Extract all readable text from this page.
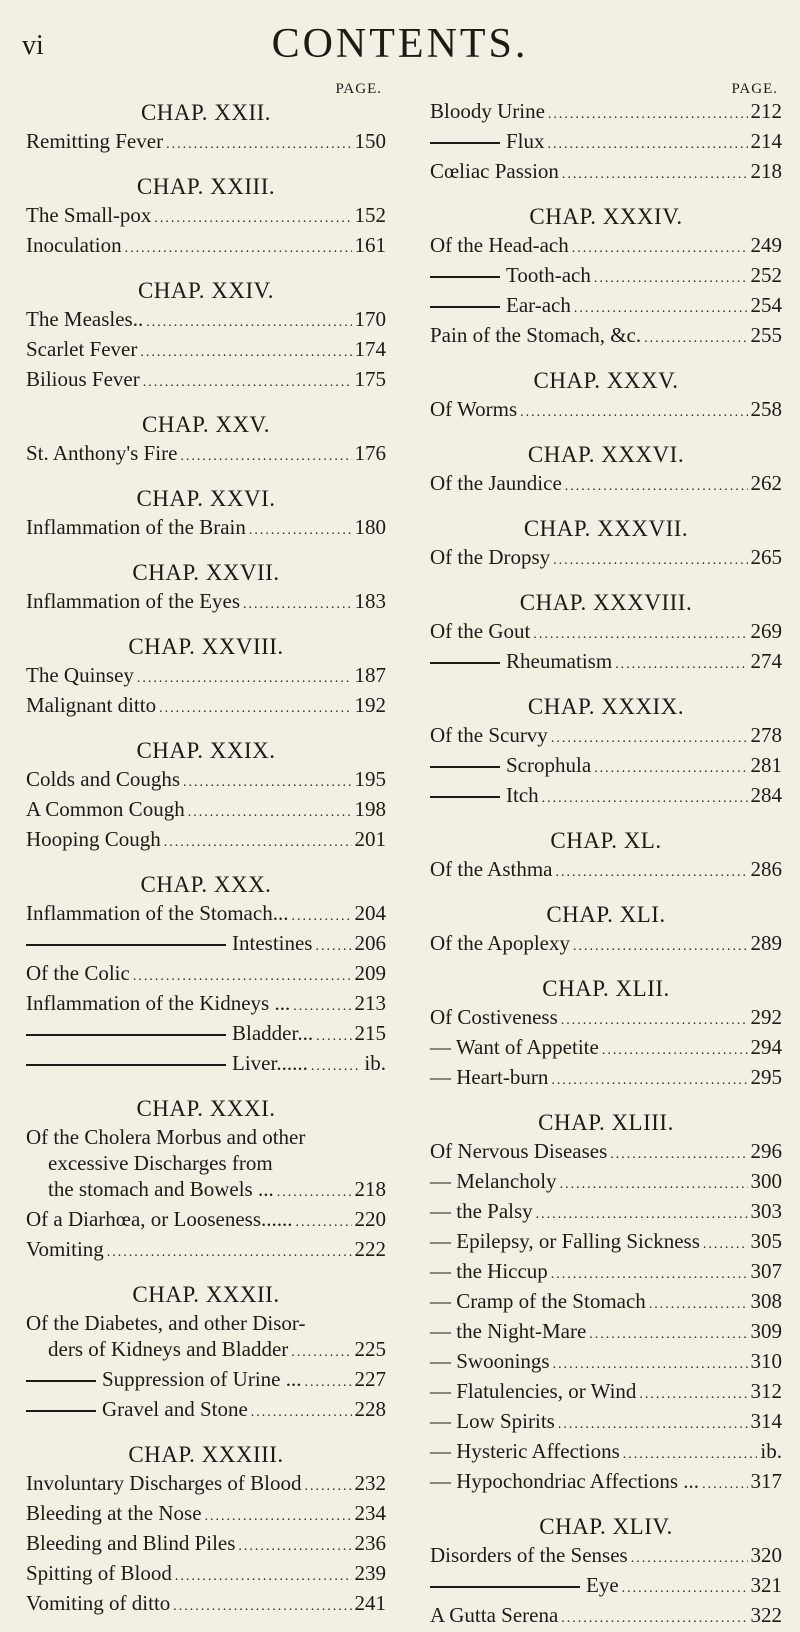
vi	CONTENTS.
PAGE.
CHAP. XXII.
Remitting Fever .....	150
CHAP. XXIII.
The Small-pox .....	152
Inoculation .....	161
CHAP. XXIV.
The Measles.. .....	170
Scarlet Fever .....	174
Bilious Fever .....	175
CHAP. XXV.
St. Anthony's Fire .....	176
CHAP. XXVI.
Inflammation of the Brain .....	180
CHAP. XXVII.
Inflammation of the Eyes .....	183
CHAP. XXVIII.
The Quinsey .....	187
Malignant ditto .....	192
CHAP. XXIX.
Colds and Coughs .....	195
A Common Cough .....	198
Hooping Cough .....	201
CHAP. XXX.
Inflammation of the Stomach... .....	204
Intestines ..... 206
Of the Colic .....	209
Inflammation of the Kidneys ... .....	213
Bladder... ..... 215
Liver...... .....	ib.
CHAP. XXXI.
Of the Cholera Morbus and other
excessive Discharges from
the stomach and Bowels ... .....	218
Of a Diarhœa, or Looseness...... .....	220
Vomiting .....	222
CHAP. XXXII.
Of the Diabetes, and other Disor-
ders of Kidneys and Bladder .....	225
Suppression of Urine ... .....	227
Gravel and Stone .....	228
CHAP. XXXIII.
Involuntary Discharges of Blood .....	232
Bleeding at the Nose .....	234
Bleeding and Blind Piles .....	236
Spitting of Blood .....	239
Vomiting of ditto .....	241
PAGE.
Bloody Urine .....	212
Flux .....	214
Cœliac Passion .....	218
CHAP. XXXIV.
Of the Head-ach .....	249
Tooth-ach .....	252
Ear-ach .....	254
Pain of the Stomach, &c. .....	255
CHAP. XXXV.
Of Worms .....	258
CHAP. XXXVI.
Of the Jaundice .....	262
CHAP. XXXVII.
Of the Dropsy .....	265
CHAP. XXXVIII.
Of the Gout .....	269
Rheumatism .....	274
CHAP. XXXIX.
Of the Scurvy .....	278
Scrophula .....	281
Itch .....	284
CHAP. XL.
Of the Asthma .....	286
CHAP. XLI.
Of the Apoplexy .....	289
CHAP. XLII.
Of Costiveness .....	292
— Want of Appetite .....	294
— Heart-burn .....	295
CHAP. XLIII.
Of Nervous Diseases .....	296
— Melancholy .....	300
— the Palsy .....	303
— Epilepsy, or Falling Sickness ..... 305
— the Hiccup .....	307
— Cramp of the Stomach .....	308
— the Night-Mare .....	309
— Swoonings .....	310
— Flatulencies, or Wind .....	312
— Low Spirits .....	314
— Hysteric Affections .....	ib.
— Hypochondriac Affections ... ..... 317
CHAP. XLIV.
Disorders of the Senses .....	320
Eye .....	321
A Gutta Serena .....	322
